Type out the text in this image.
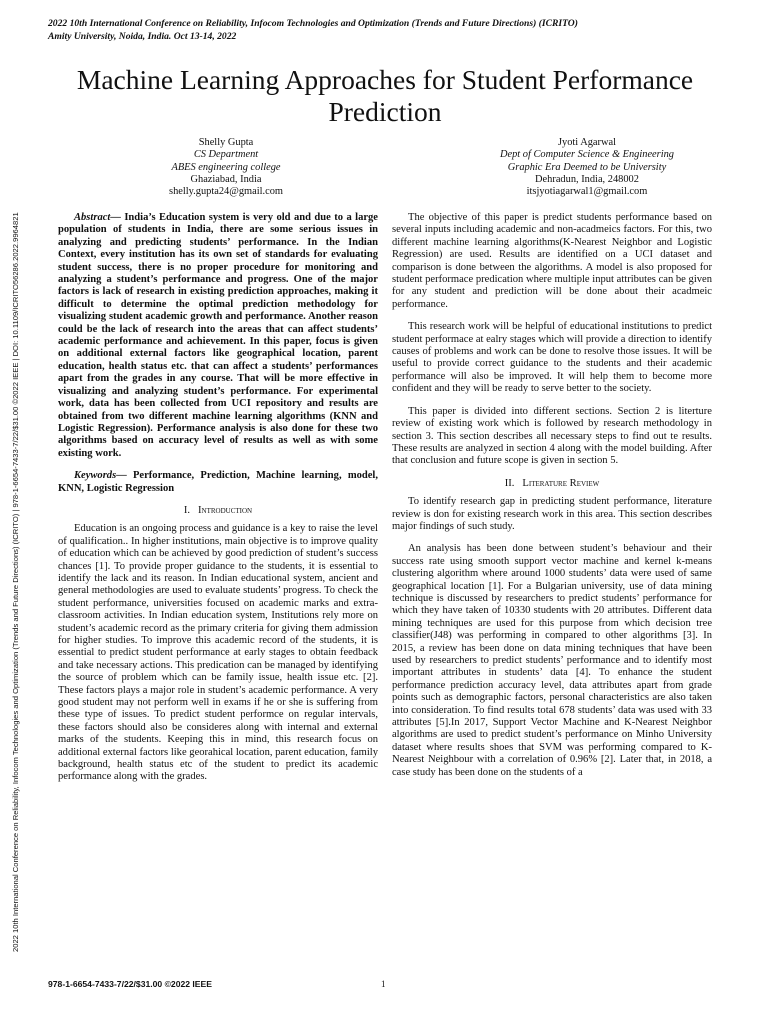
2022 10th International Conference on Reliability, Infocom Technologies and Optimization (Trends and Future Directions) (ICRITO)
Amity University, Noida, India. Oct 13-14, 2022
2022 10th International Conference on Reliability, Infocom Technologies and Optimization (Trends and Future Directions) (ICRITO) | 978-1-6654-7433-7/22/$31.00 ©2022 IEEE | DOI: 10.1109/ICRITO56286.2022.9964821
Machine Learning Approaches for Student Performance Prediction
Shelly Gupta
CS Department
ABES engineering college
Ghaziabad, India
shelly.gupta24@gmail.com
Jyoti Agarwal
Dept of Computer Science & Engineering
Graphic Era Deemed to be University
Dehradun, India, 248002
itsjyotiagarwal1@gmail.com

Abstract— India’s Education system is very old and due to a large population of students in India, there are some serious issues in analyzing and predicting students’ performance. In the Indian Context, every institution has its own set of standards for evaluating student success, there is no proper procedure for monitoring and analyzing a student’s performance and progress. One of the major factors is lack of research in existing prediction approaches, making it difficult to determine the optimal prediction methodology for visualizing student academic growth and performance. Another reason could be the lack of research into the areas that can affect students’ academic performance and achievement. In this paper, focus is given on additional external factors like geographical location, parent education, health status etc. that can affect a students’ performances apart from the grades in any course. That will be more effective in visualizing and analyzing student’s performance. For experimental work, data has been collected from UCI repository and results are obtained from two different machine learning algorithms (KNN and Logistic Regression). Performance analysis is also done for these two algorithms based on accuracy level of results as well as with some existing work.

Keywords— Performance, Prediction, Machine learning, model, KNN, Logistic Regression

I. Introduction

Education is an ongoing process and guidance is a key to raise the level of qualification.. In higher institutions, main objective is to improve quality of education which can be achieved by good prediction of student’s success chances [1]. To provide proper guidance to the students, it is essential to identify the lack and its reason. In Indian educational system, ancient and general methodologies are used to evaluate students’ progress. To check the student performance, universities focused on academic marks and extra-classroom activities. In Indian education system, Institutions rely more on student’s academic record as the primary criteria for giving them admission for higher studies. To improve this academic record of the students, it is essential to predict student performance at early stages to obtain feedback and take necessary actions. This predication can be managed by identifying the source of problem which can be family issue, health issue etc. [2]. These factors plays a major role in student’s academic performance. A very good student may not perform well in exams if he or she is suffering from these type of issues. To predict student performce on regular intervals, these factors should also be consideres along with internal and external marks of the students. Keeping this in mind, this research focus on additional external factors like georahical location, parent education, family background, health status etc of the student to predict its academic performance along with the grades.

The objective of this paper is predict students performance based on several inputs including academic and non-acadmeics factors. For this, two different machine learning algorithms(K-Nearest Neighbor and Logistic Regression) are used. Results are identified on a UCI dataset and comparison is done between the algorithms. A model is also proposed for student performace predication where multiple input attributes can be given for any student and prediction will be done about their acadmeic performance.

This research work will be helpful of educational institutions to predict student performace at ealry stages which will provide a direction to identify causes of problems and work can be done to resolve those issues. It will be useful to provide correct guidance to the students and their academic performance will also be improved. It will help them to become more confident and they will be ready to serve better to the society.

This paper is divided into different sections. Section 2 is literture review of existing work which is followed by research methodology in section 3. This section describes all necessary steps to find out te results. These results are analyzed in section 4 along with the model building. After that conclusion and future scope is given in section 5.

II. Literature Review

To identify research gap in predicting student performance, literature review is don for existing research work in this area. This section describes major findings of such study.

An analysis has been done between student’s behaviour and their success rate using smooth support vector machine and kernel k-means clustering algorithm where around 1000 students’ data were used of same geographical location [1]. For a Bulgarian university, use of data mining technique is discussed by researchers to predict students’ performance for which they have taken of 10330 students with 20 attributes. Different data mining techniques are used for this purpose from which decision tree classifier(J48) was performing in compared to other algorithms [3]. In 2015, a review has been done on data mining techniques that have been used by researchers to predict students’ performance and to identify most important attributes in students’ data [4]. To enhance the student performance prediction accuracy level, data attributes apart from grade points such as demographic factors, personal characteristics are also taken into consideration. To find results total 678 students’ data was used with 33 attributes [5].In 2017, Support Vector Machine and K-Nearest Neighbor algorithms are used to predict student’s performance on Minho University dataset where results shoes that SVM was performing compared to K-Nearest Neighbour with a correlation of 0.96% [2]. Later that, in 2018, a case study has been done on the students of a

978-1-6654-7433-7/22/$31.00 ©2022 IEEE	1
